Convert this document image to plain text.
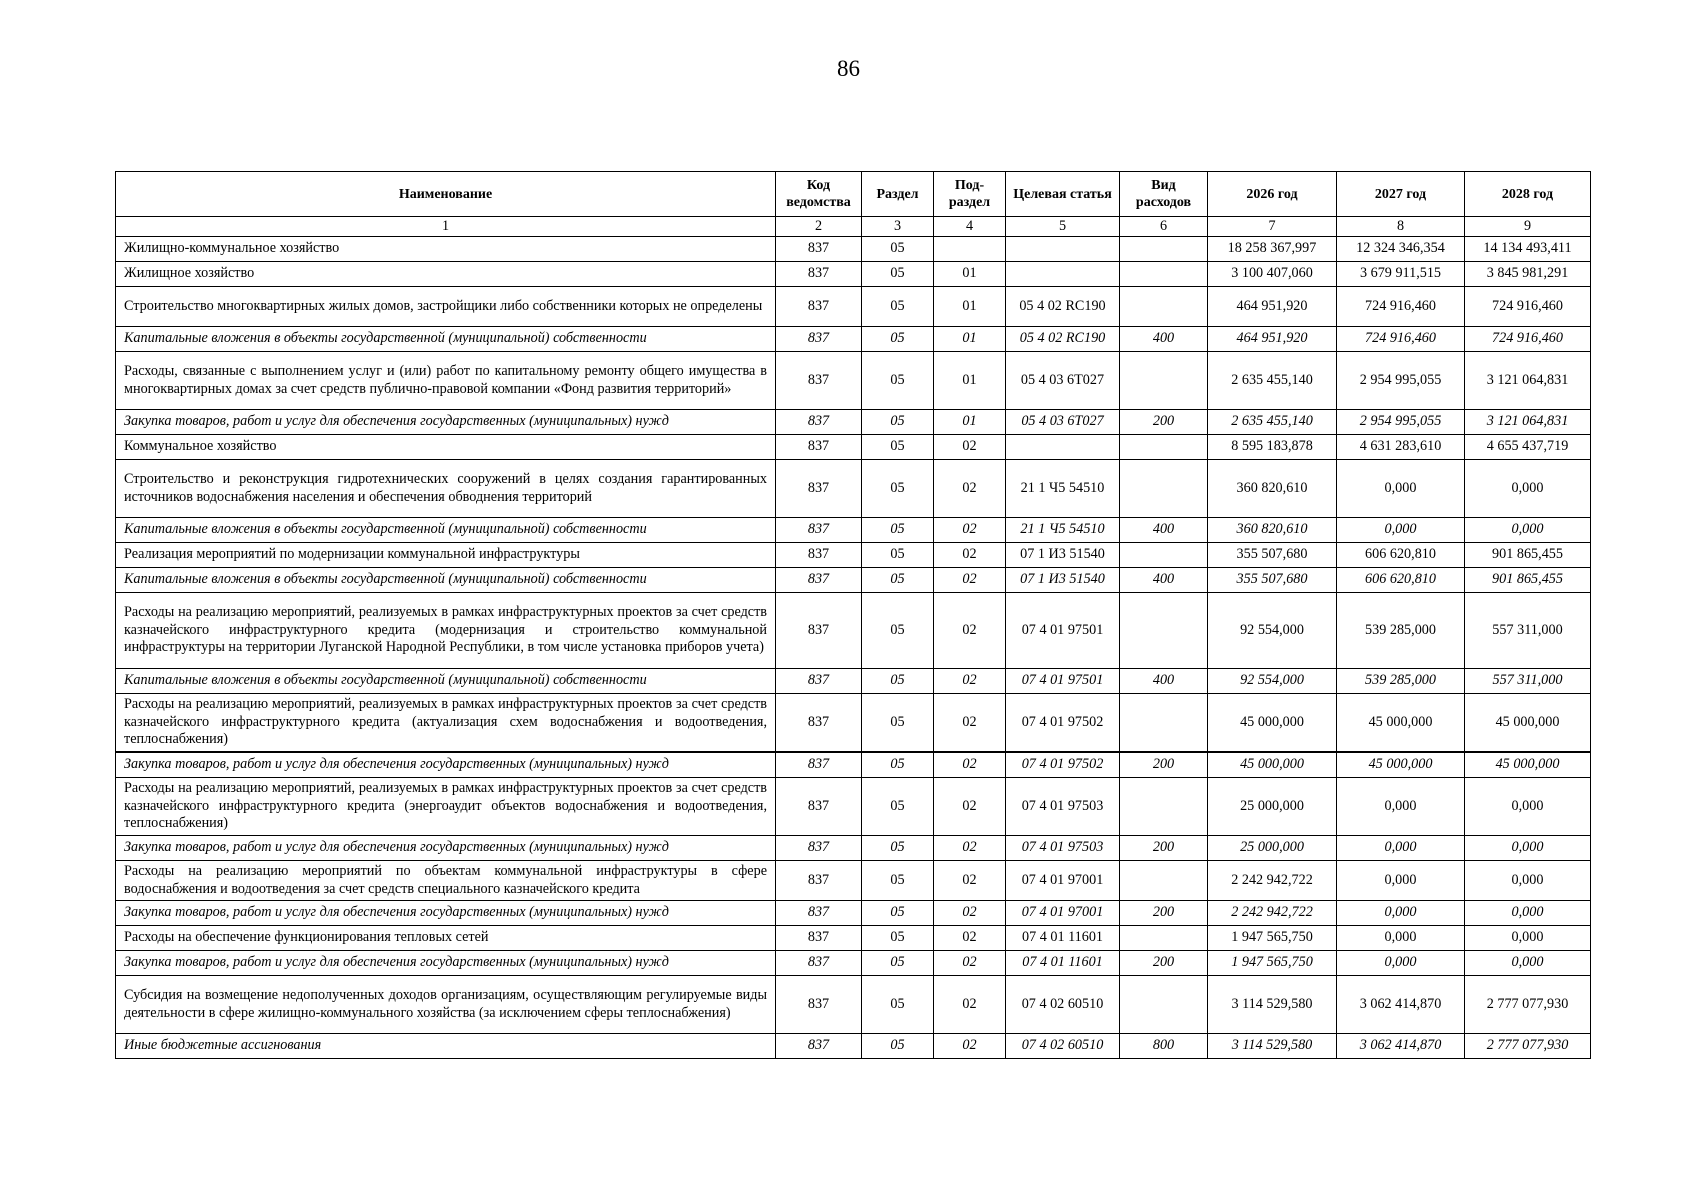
86
Наименование	Код ведомства	Раздел	Под-раздел	Целевая статья	Вид расходов	2026 год	2027 год	2028 год
1	2	3	4	5	6	7	8	9
Жилищно-коммунальное хозяйство	837	05				18 258 367,997	12 324 346,354	14 134 493,411
Жилищное хозяйство	837	05	01			3 100 407,060	3 679 911,515	3 845 981,291
Строительство многоквартирных жилых домов, застройщики либо собственники которых не определены	837	05	01	05 4 02 RC190		464 951,920	724 916,460	724 916,460
Капитальные вложения в объекты государственной (муниципальной) собственности	837	05	01	05 4 02 RC190	400	464 951,920	724 916,460	724 916,460
Расходы, связанные с выполнением услуг и (или) работ по капитальному ремонту общего имущества в многоквартирных домах за счет средств публично-правовой компании «Фонд развития территорий»	837	05	01	05 4 03 6Т027		2 635 455,140	2 954 995,055	3 121 064,831
Закупка товаров, работ и услуг для обеспечения государственных (муниципальных) нужд	837	05	01	05 4 03 6Т027	200	2 635 455,140	2 954 995,055	3 121 064,831
Коммунальное хозяйство	837	05	02			8 595 183,878	4 631 283,610	4 655 437,719
Строительство и реконструкция гидротехнических сооружений в целях создания гарантированных источников водоснабжения населения и обеспечения обводнения территорий	837	05	02	21 1 Ч5 54510		360 820,610	0,000	0,000
Капитальные вложения в объекты государственной (муниципальной) собственности	837	05	02	21 1 Ч5 54510	400	360 820,610	0,000	0,000
Реализация мероприятий по модернизации коммунальной инфраструктуры	837	05	02	07 1 И3 51540		355 507,680	606 620,810	901 865,455
Капитальные вложения в объекты государственной (муниципальной) собственности	837	05	02	07 1 И3 51540	400	355 507,680	606 620,810	901 865,455
Расходы на реализацию мероприятий, реализуемых в рамках инфраструктурных проектов за счет средств казначейского инфраструктурного кредита (модернизация и строительство коммунальной инфраструктуры на территории Луганской Народной Республики, в том числе установка приборов учета)	837	05	02	07 4 01 97501		92 554,000	539 285,000	557 311,000
Капитальные вложения в объекты государственной (муниципальной) собственности	837	05	02	07 4 01 97501	400	92 554,000	539 285,000	557 311,000
Расходы на реализацию мероприятий, реализуемых в рамках инфраструктурных проектов за счет средств казначейского инфраструктурного кредита (актуализация схем водоснабжения и водоотведения, теплоснабжения)	837	05	02	07 4 01 97502		45 000,000	45 000,000	45 000,000
Закупка товаров, работ и услуг для обеспечения государственных (муниципальных) нужд	837	05	02	07 4 01 97502	200	45 000,000	45 000,000	45 000,000
Расходы на реализацию мероприятий, реализуемых в рамках инфраструктурных проектов за счет средств казначейского инфраструктурного кредита (энергоаудит объектов водоснабжения и водоотведения, теплоснабжения)	837	05	02	07 4 01 97503		25 000,000	0,000	0,000
Закупка товаров, работ и услуг для обеспечения государственных (муниципальных) нужд	837	05	02	07 4 01 97503	200	25 000,000	0,000	0,000
Расходы на реализацию мероприятий по объектам коммунальной инфраструктуры в сфере водоснабжения и водоотведения за счет средств специального казначейского кредита	837	05	02	07 4 01 97001		2 242 942,722	0,000	0,000
Закупка товаров, работ и услуг для обеспечения государственных (муниципальных) нужд	837	05	02	07 4 01 97001	200	2 242 942,722	0,000	0,000
Расходы на обеспечение функционирования тепловых сетей	837	05	02	07 4 01 11601		1 947 565,750	0,000	0,000
Закупка товаров, работ и услуг для обеспечения государственных (муниципальных) нужд	837	05	02	07 4 01 11601	200	1 947 565,750	0,000	0,000
Субсидия на возмещение недополученных доходов организациям, осуществляющим регулируемые виды деятельности в сфере жилищно-коммунального хозяйства (за исключением сферы теплоснабжения)	837	05	02	07 4 02 60510		3 114 529,580	3 062 414,870	2 777 077,930
Иные бюджетные ассигнования	837	05	02	07 4 02 60510	800	3 114 529,580	3 062 414,870	2 777 077,930
